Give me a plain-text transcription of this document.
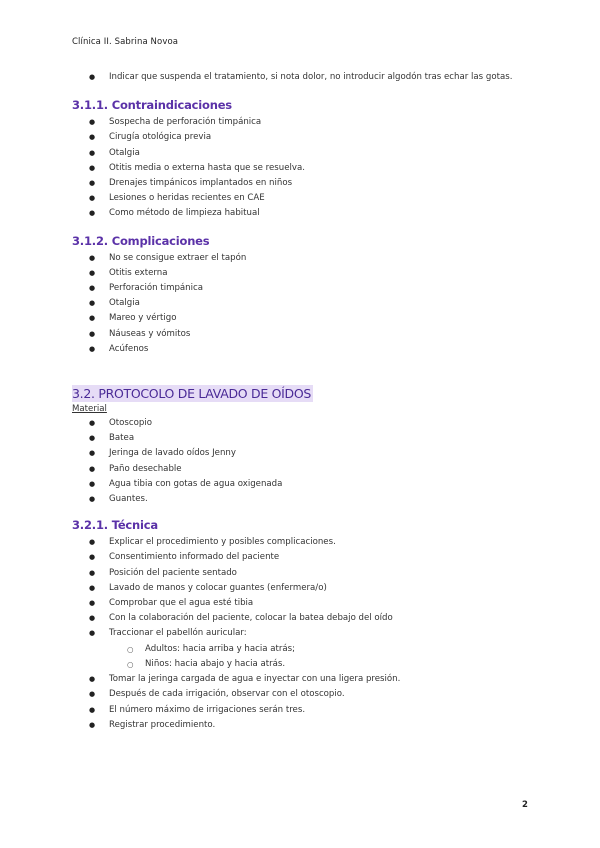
Clínica II. Sabrina Novoa
● Indicar que suspenda el tratamiento, si nota dolor, no introducir algodón tras echar las gotas.
3.1.1. Contraindicaciones
● Sospecha de perforación timpánica
● Cirugía otológica previa
● Otalgia
● Otitis media o externa hasta que se resuelva.
● Drenajes timpánicos implantados en niños
● Lesiones o heridas recientes en CAE
● Como método de limpieza habitual
3.1.2. Complicaciones
● No se consigue extraer el tapón
● Otitis externa
● Perforación timpánica
● Otalgia
● Mareo y vértigo
● Náuseas y vómitos
● Acúfenos
3.2. PROTOCOLO DE LAVADO DE OÍDOS
Material
● Otoscopio
● Batea
● Jeringa de lavado oídos Jenny
● Paño desechable
● Agua tibia con gotas de agua oxigenada
● Guantes.
3.2.1. Técnica
● Explicar el procedimiento y posibles complicaciones.
● Consentimiento informado del paciente
● Posición del paciente sentado
● Lavado de manos y colocar guantes (enfermera/o)
● Comprobar que el agua esté tibia
● Con la colaboración del paciente, colocar la batea debajo del oído
● Traccionar el pabellón auricular:
○ Adultos: hacia arriba y hacia atrás;
○ Niños: hacia abajo y hacia atrás.
● Tomar la jeringa cargada de agua e inyectar con una ligera presión.
● Después de cada irrigación, observar con el otoscopio.
● El número máximo de irrigaciones serán tres.
● Registrar procedimiento.
2
